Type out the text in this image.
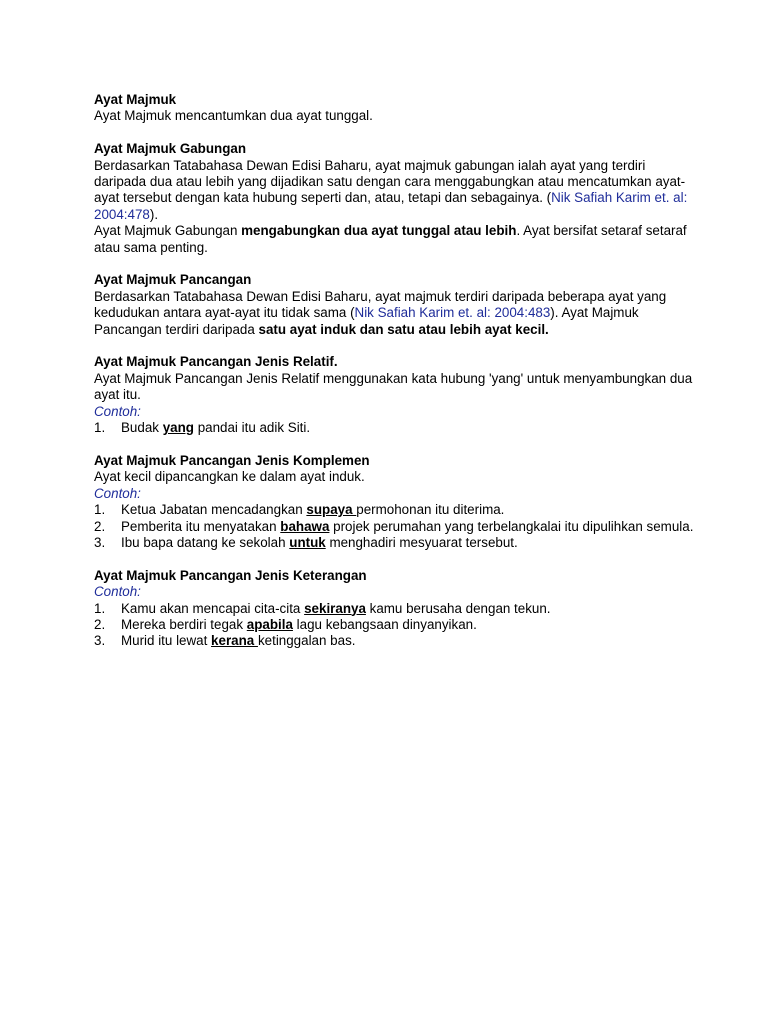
Ayat Majmuk
Ayat Majmuk mencantumkan dua ayat tunggal.
Ayat Majmuk Gabungan
Berdasarkan Tatabahasa Dewan Edisi Baharu, ayat majmuk gabungan ialah ayat yang terdiri daripada dua atau lebih yang dijadikan satu dengan cara menggabungkan atau mencatumkan ayat-ayat tersebut dengan kata hubung seperti dan, atau, tetapi dan sebagainya. (Nik Safiah Karim et. al: 2004:478).
Ayat Majmuk Gabungan mengabungkan dua ayat tunggal atau lebih. Ayat bersifat setaraf setaraf atau sama penting.
Ayat Majmuk Pancangan
Berdasarkan Tatabahasa Dewan Edisi Baharu, ayat majmuk terdiri daripada beberapa ayat yang kedudukan antara ayat-ayat itu tidak sama (Nik Safiah Karim et. al: 2004:483). Ayat Majmuk Pancangan terdiri daripada satu ayat induk dan satu atau lebih ayat kecil.
Ayat Majmuk Pancangan Jenis Relatif.
Ayat Majmuk Pancangan Jenis Relatif menggunakan kata hubung 'yang' untuk menyambungkan dua ayat itu.
Contoh:
1. Budak yang pandai itu adik Siti.
Ayat Majmuk Pancangan Jenis Komplemen
Ayat kecil dipancangkan ke dalam ayat induk.
Contoh:
1. Ketua Jabatan mencadangkan supaya permohonan itu diterima.
2. Pemberita itu menyatakan bahawa projek perumahan yang terbelangkalai itu dipulihkan semula.
3. Ibu bapa datang ke sekolah untuk menghadiri mesyuarat tersebut.
Ayat Majmuk Pancangan Jenis Keterangan
Contoh:
1. Kamu akan mencapai cita-cita sekiranya kamu berusaha dengan tekun.
2. Mereka berdiri tegak apabila lagu kebangsaan dinyanyikan.
3. Murid itu lewat kerana ketinggalan bas.
